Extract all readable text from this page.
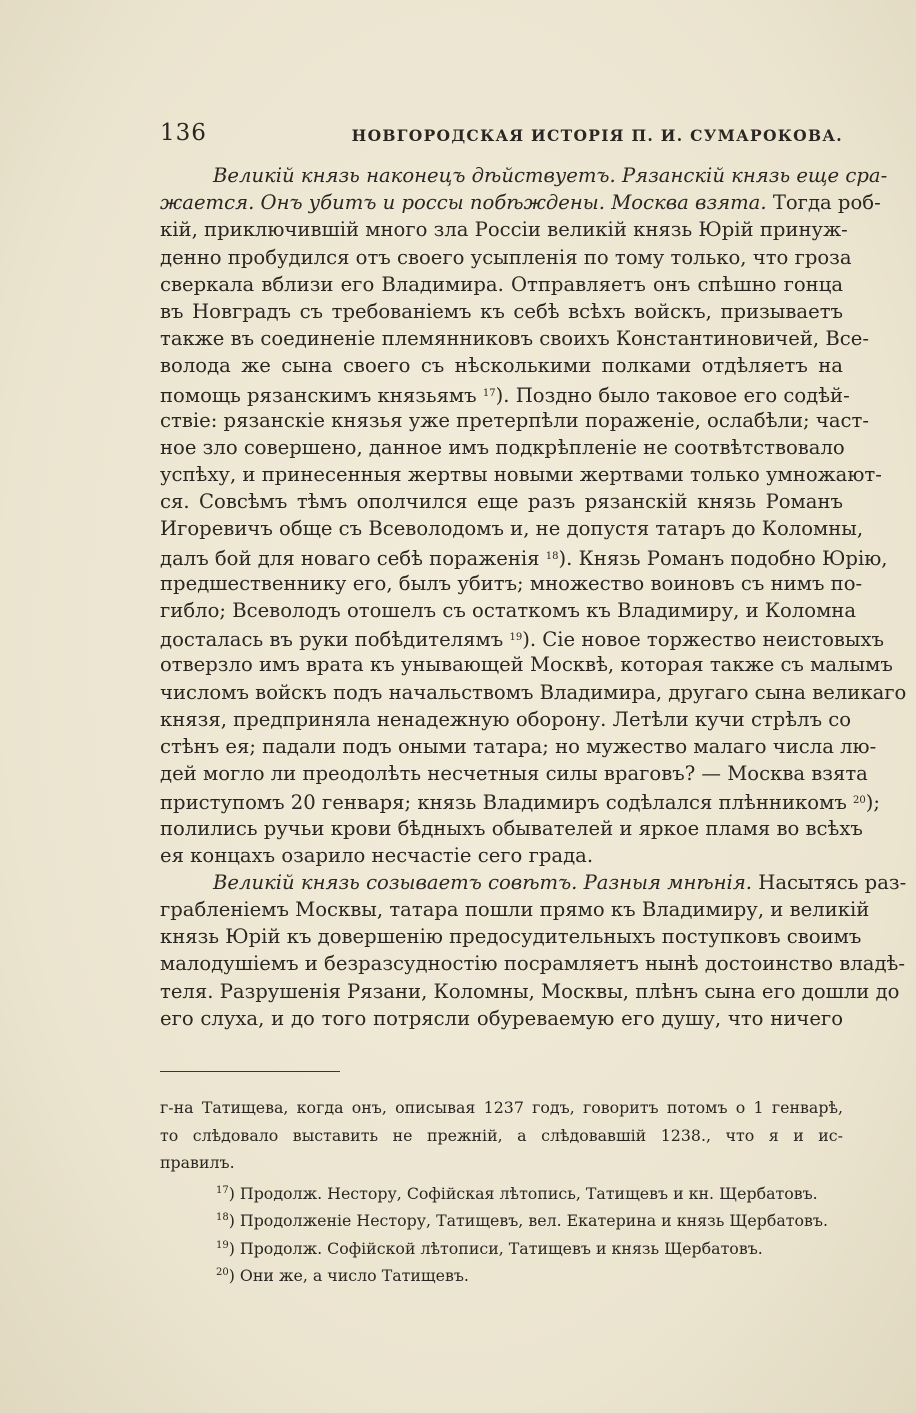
136	НОВГОРОДСКАЯ ИСТОРІЯ П. И. СУМАРОКОВА.
Великій князь наконецъ дѣйствуетъ. Рязанскій князь еще сра-
жается. Онъ убитъ и россы побѣждены. Москва взята. Тогда роб-
кій, приключившій много зла Россіи великій князь Юрій принуж-
денно пробудился отъ своего усыпленія по тому только, что гроза
сверкала вблизи его Владимира. Отправляетъ онъ спѣшно гонца
въ Новградъ съ требованіемъ къ себѣ всѣхъ войскъ, призываетъ
также въ соединеніе племянниковъ своихъ Константиновичей, Все-
волода же сына своего съ нѣсколькими полками отдѣляетъ на
помощь рязанскимъ князьямъ $^{17}$). Поздно было таковое его содѣй-
ствіе: рязанскіе князья уже претерпѣли пораженіе, ослабѣли; част-
ное зло совершено, данное имъ подкрѣпленіе не соотвѣтствовало
успѣху, и принесенныя жертвы новыми жертвами только умножают-
ся. Совсѣмъ тѣмъ ополчился еще разъ рязанскій князь Романъ
Игоревичъ обще съ Всеволодомъ и, не допустя татаръ до Коломны,
далъ бой для новаго себѣ пораженія $^{18}$). Князь Романъ подобно Юрію,
предшественнику его, былъ убитъ; множество воиновъ съ нимъ по-
гибло; Всеволодъ отошелъ съ остаткомъ къ Владимиру, и Коломна
досталась въ руки побѣдителямъ $^{19}$). Сіе новое торжество неистовыхъ
отверзло имъ врата къ унывающей Москвѣ, которая также съ малымъ
числомъ войскъ подъ начальствомъ Владимира, другаго сына великаго
князя, предприняла ненадежную оборону. Летѣли кучи стрѣлъ со
стѣнъ ея; падали подъ оными татара; но мужество малаго числа лю-
дей могло ли преодолѣть несчетныя силы враговъ? — Москва взята
приступомъ 20 генваря; князь Владимиръ содѣлался плѣнникомъ $^{20}$);
полились ручьи крови бѣдныхъ обывателей и яркое пламя во всѣхъ
ея концахъ озарило несчастіе сего града.
Великій князь созываетъ совѣтъ. Разныя мнѣнія. Насытясь раз-
грабленіемъ Москвы, татара пошли прямо къ Владимиру, и великій
князь Юрій къ довершенію предосудительныхъ поступковъ своимъ
малодушіемъ и безразсудностію посрамляетъ нынѣ достоинство владѣ-
теля. Разрушенія Рязани, Коломны, Москвы, плѣнъ сына его дошли до
его слуха, и до того потрясли обуреваемую его душу, что ничего
г-на Татищева, когда онъ, описывая 1237 годъ, говоритъ потомъ о 1 генварѣ,
то слѣдовало выставить не прежній, а слѣдовавшій 1238., что я и ис-
правилъ.
$^{17}$) Продолж. Нестору, Софійская лѣтопись, Татищевъ и кн. Щербатовъ.
$^{18}$) Продолженіе Нестору, Татищевъ, вел. Екатерина и князь Щербатовъ.
$^{19}$) Продолж. Софійской лѣтописи, Татищевъ и князь Щербатовъ.
$^{20}$) Они же, а число Татищевъ.
